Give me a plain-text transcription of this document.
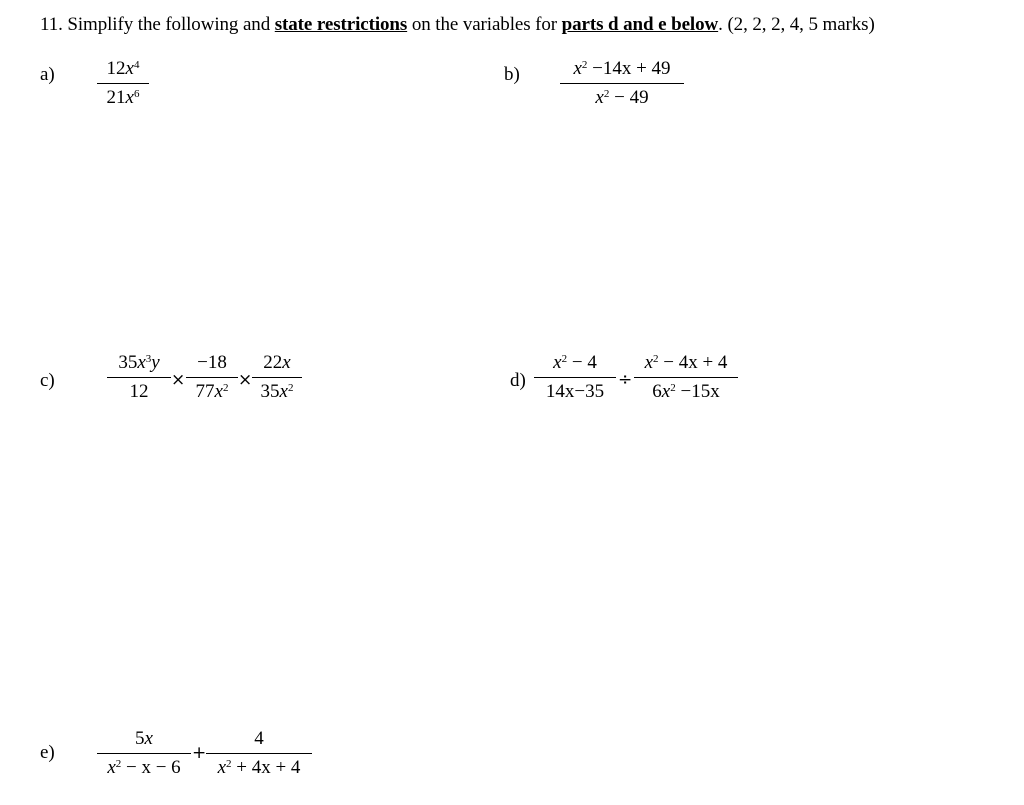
11. Simplify the following and state restrictions on the variables for parts d and e below. (2, 2, 2, 4, 5 marks)
$a) \frac{12x^4}{21x^6}$	$b) \frac{x^2 -14x + 49}{x^2 - 49}$
c)	$\frac{35x^3y}{12} \times \frac{-18}{77x^2} \times \frac{22x}{35x^2}$	$d) \frac{x^2 - 4}{14x-35} \div \frac{x^2 - 4x + 4}{6x^2 -15x}$
$e) \frac{5x}{x^2 - x - 6} + \frac{4}{x^2 + 4x + 4}$
